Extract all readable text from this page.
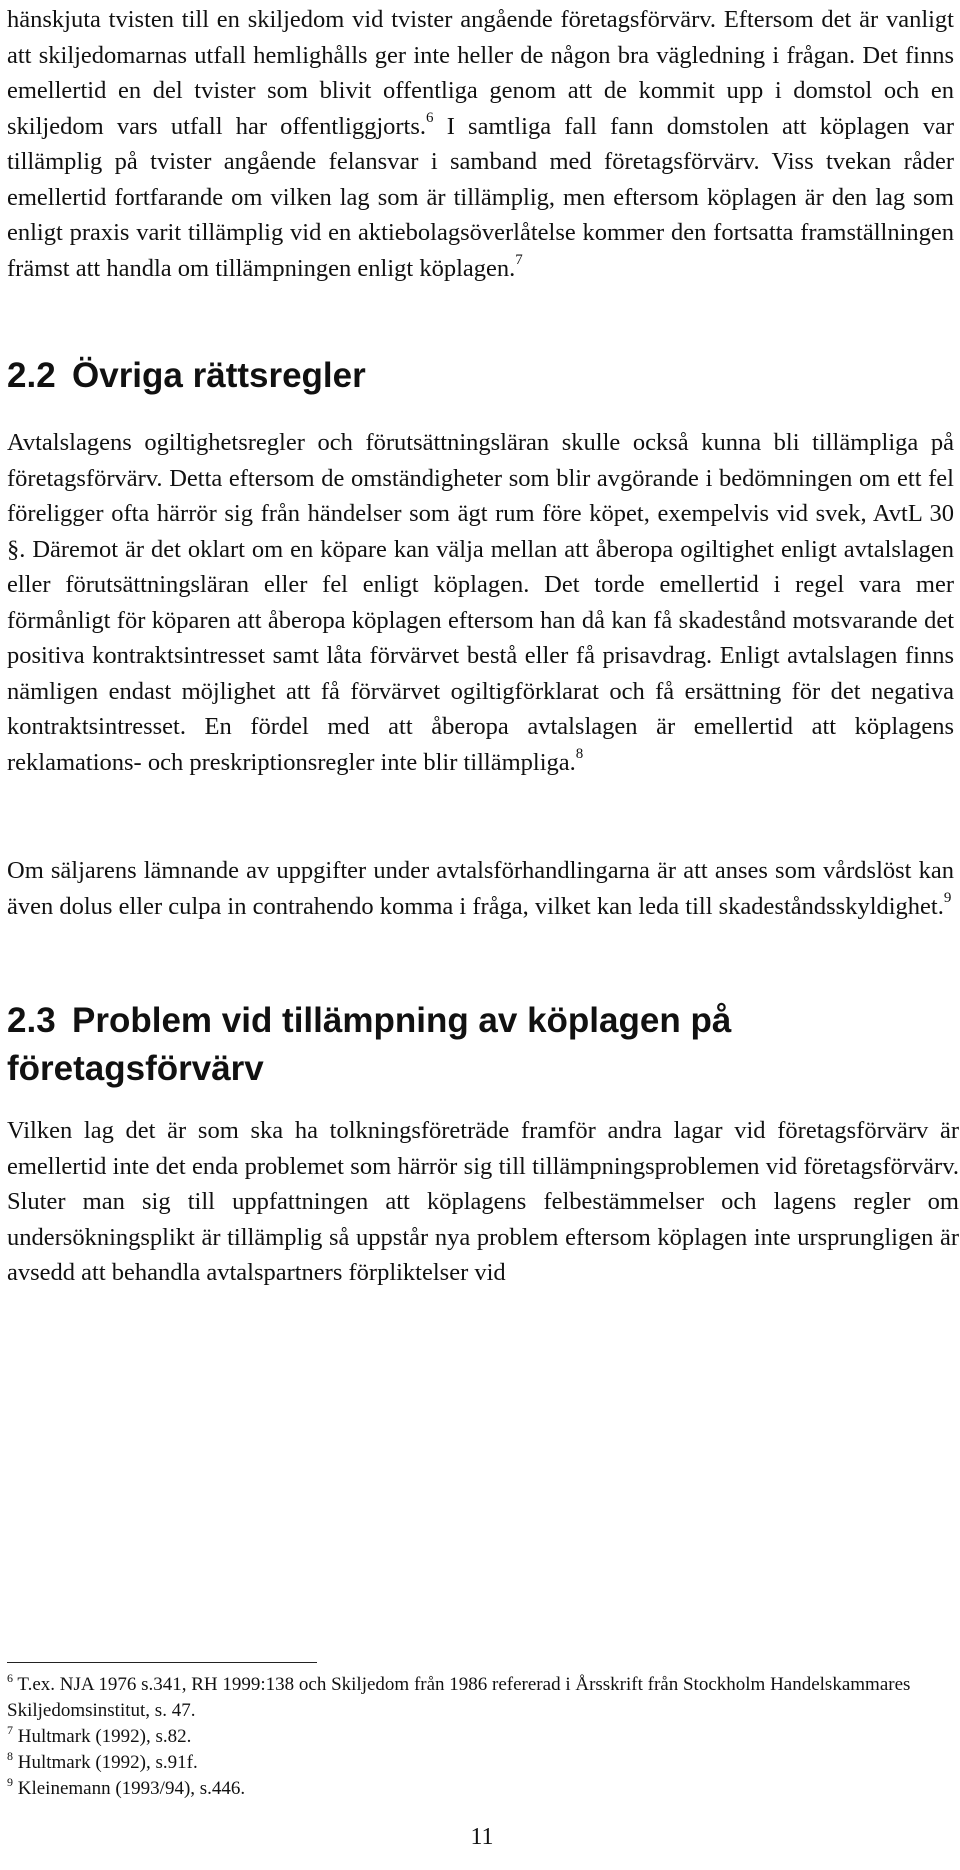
hänskjuta tvisten till en skiljedom vid tvister angående företagsförvärv. Eftersom det är vanligt att skiljedomarnas utfall hemlighålls ger inte heller de någon bra vägledning i frågan. Det finns emellertid en del tvister som blivit offentliga genom att de kommit upp i domstol och en skiljedom vars utfall har offentliggjorts.$^6$ I samtliga fall fann domstolen att köplagen var tillämplig på tvister angående felansvar i samband med företagsförvärv. Viss tvekan råder emellertid fortfarande om vilken lag som är tillämplig, men eftersom köplagen är den lag som enligt praxis varit tillämplig vid en aktiebolagsöverlåtelse kommer den fortsatta framställningen främst att handla om tillämpningen enligt köplagen.$^7$

2.2 Övriga rättsregler

Avtalslagens ogiltighetsregler och förutsättningsläran skulle också kunna bli tillämpliga på företagsförvärv. Detta eftersom de omständigheter som blir avgörande i bedömningen om ett fel föreligger ofta härrör sig från händelser som ägt rum före köpet, exempelvis vid svek, AvtL 30 §. Däremot är det oklart om en köpare kan välja mellan att åberopa ogiltighet enligt avtalslagen eller förutsättningsläran eller fel enligt köplagen. Det torde emellertid i regel vara mer förmånligt för köparen att åberopa köplagen eftersom han då kan få skadestånd motsvarande det positiva kontraktsintresset samt låta förvärvet bestå eller få prisavdrag. Enligt avtalslagen finns nämligen endast möjlighet att få förvärvet ogiltigförklarat och få ersättning för det negativa kontraktsintresset. En fördel med att åberopa avtalslagen är emellertid att köplagens reklamations- och preskriptionsregler inte blir tillämpliga.$^8$

Om säljarens lämnande av uppgifter under avtalsförhandlingarna är att anses som vårdslöst kan även dolus eller culpa in contrahendo komma i fråga, vilket kan leda till skadeståndsskyldighet.$^9$

2.3 Problem vid tillämpning av köplagen på företagsförvärv

Vilken lag det är som ska ha tolkningsföreträde framför andra lagar vid företagsförvärv är emellertid inte det enda problemet som härrör sig till tillämpningsproblemen vid företagsförvärv. Sluter man sig till uppfattningen att köplagens felbestämmelser och lagens regler om undersökningsplikt är tillämplig så uppstår nya problem eftersom köplagen inte ursprungligen är avsedd att behandla avtalspartners förpliktelser vid

$^6$ T.ex. NJA 1976 s.341, RH 1999:138 och Skiljedom från 1986 refererad i Årsskrift från Stockholm Handelskammares Skiljedomsinstitut, s. 47.

$^7$ Hultmark (1992), s.82.

$^8$ Hultmark (1992), s.91f.

$^9$ Kleinemann (1993/94), s.446.

11
